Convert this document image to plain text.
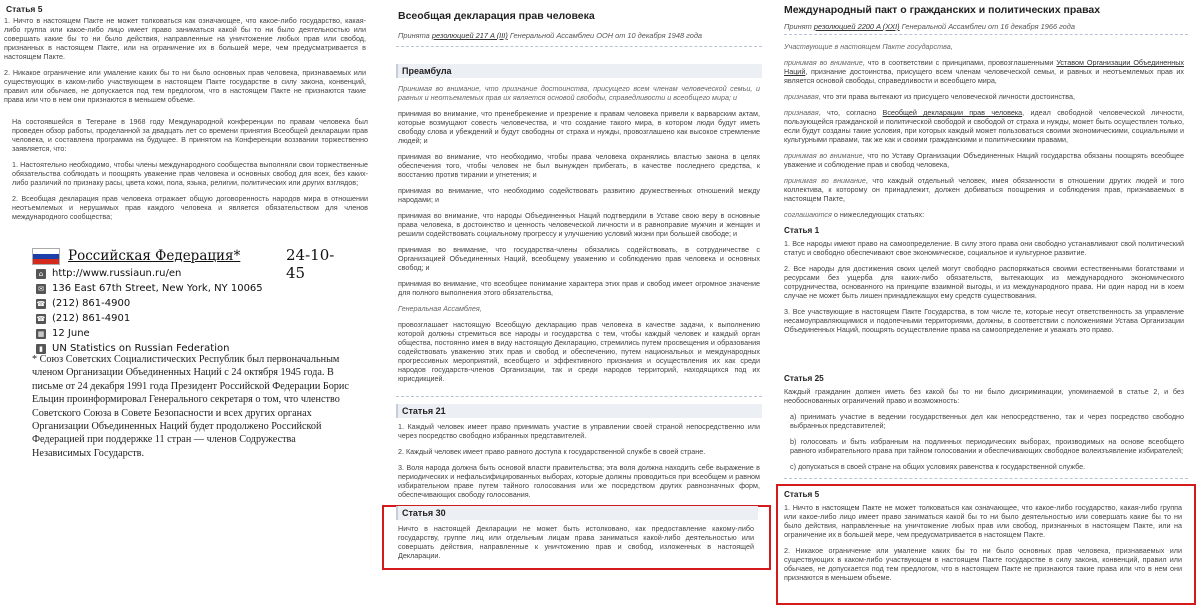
Статья 5

1. Ничто в настоящем Пакте не может толковаться как означающее, что какое-либо государство, какая-либо группа или какое-либо лицо имеет право заниматься какой бы то ни было деятельностью или совершать какие бы то ни было действия, направленные на уничтожение любых прав или свобод, признанных в настоящем Пакте, или на ограничение их в большей мере, чем предусматривается в настоящем Пакте.

2. Никакое ограничение или умаление каких бы то ни было основных прав человека, признаваемых или существующих в каком-либо участвующем в настоящем Пакте государстве в силу закона, конвенций, правил или обычаев, не допускается под тем предлогом, что в настоящем Пакте не признаются такие права или что в нем они признаются в меньшем объеме.

На состоявшейся в Тегеране в 1968 году Международной конференции по правам человека был проведен обзор работы, проделанной за двадцать лет со времени принятия Всеобщей декларации прав человека, и составлена программа на будущее. В принятом на Конференции воззвании торжественно заявляется, что:

1. Настоятельно необходимо, чтобы члены международного сообщества выполняли свои торжественные обязательства соблюдать и поощрять уважение прав человека и основных свобод для всех, без каких-либо различий по признаку расы, цвета кожи, пола, языка, религии, политических или других взглядов;

2. Всеобщая декларация прав человека отражает общую договоренность народов мира в отношении неотъемлемых и нерушимых прав каждого человека и является обязательством для членов международного сообщества;

Российская Федерация*	24-10-45
⌂ http://www.russiaun.ru/en
✉ 136 East 67th Street, New York, NY 10065
☎ (212) 861-4900
☎ (212) 861-4901
▦ 12 June
▮ UN Statistics on Russian Federation
* Союз Советских Социалистических Республик был первоначальным членом Организации Объединенных Наций с 24 октября 1945 года. В письме от 24 декабря 1991 года Президент Российской Федерации Борис Ельцин проинформировал Генерального секретаря о том, что членство Советского Союза в Совете Безопасности и всех других органах Организации Объединенных Наций будет продолжено Российской Федерацией при поддержке 11 стран — членов Содружества Независимых Государств.
Всеобщая декларация прав человека
Принята резолюцией 217 A (III) Генеральной Ассамблеи ООН от 10 декабря 1948 года
Преамбула

Принимая во внимание, что признание достоинства, присущего всем членам человеческой семьи, и равных и неотъемлемых прав их является основой свободы, справедливости и всеобщего мира; и

принимая во внимание, что пренебрежение и презрение к правам человека привели к варварским актам, которые возмущают совесть человечества, и что создание такого мира, в котором люди будут иметь свободу слова и убеждений и будут свободны от страха и нужды, провозглашено как высокое стремление людей; и

принимая во внимание, что необходимо, чтобы права человека охранялись властью закона в целях обеспечения того, чтобы человек не был вынужден прибегать, в качестве последнего средства, к восстанию против тирании и угнетения; и

принимая во внимание, что необходимо содействовать развитию дружественных отношений между народами; и

принимая во внимание, что народы Объединенных Наций подтвердили в Уставе свою веру в основные права человека, в достоинство и ценность человеческой личности и в равноправие мужчин и женщин и решили содействовать социальному прогрессу и улучшению условий жизни при большей свободе; и

принимая во внимание, что государства-члены обязались содействовать, в сотрудничестве с Организацией Объединенных Наций, всеобщему уважению и соблюдению прав человека и основных свобод; и

принимая во внимание, что всеобщее понимание характера этих прав и свобод имеет огромное значение для полного выполнения этого обязательства,

Генеральная Ассамблея,

провозглашает настоящую Всеобщую декларацию прав человека в качестве задачи, к выполнению которой должны стремиться все народы и государства с тем, чтобы каждый человек и каждый орган общества, постоянно имея в виду настоящую Декларацию, стремились путем просвещения и образования содействовать уважению этих прав и свобод и обеспечению, путем национальных и международных прогрессивных мероприятий, всеобщего и эффективного признания и осуществления их как среди народов государств-членов Организации, так и среди народов территорий, находящихся под их юрисдикцией.

Статья 21

1. Каждый человек имеет право принимать участие в управлении своей страной непосредственно или через посредство свободно избранных представителей.

2. Каждый человек имеет право равного доступа к государственной службе в своей стране.

3. Воля народа должна быть основой власти правительства; эта воля должна находить себе выражение в периодических и нефальсифицированных выборах, которые должны проводиться при всеобщем и равном избирательном праве путем тайного голосования или же посредством других равнозначных форм, обеспечивающих свободу голосования.

Статья 30

Ничто в настоящей Декларации не может быть истолковано, как предоставление какому-либо государству, группе лиц или отдельным лицам права заниматься какой-либо деятельностью или совершать действия, направленные к уничтожению прав и свобод, изложенных в настоящей Декларации.

Международный пакт о гражданских и политических правах
Принят резолюцией 2200 A (XXI) Генеральной Ассамблеи от 16 декабря 1966 года

Участвующие в настоящем Пакте государства,

принимая во внимание, что в соответствии с принципами, провозглашенными Уставом Организации Объединенных Наций, признание достоинства, присущего всем членам человеческой семьи, и равных и неотъемлемых прав их является основой свободы, справедливости и всеобщего мира,

признавая, что эти права вытекают из присущего человеческой личности достоинства,

признавая, что, согласно Всеобщей декларации прав человека, идеал свободной человеческой личности, пользующейся гражданской и политической свободой и свободой от страха и нужды, может быть осуществлен только, если будут созданы такие условия, при которых каждый может пользоваться своими экономическими, социальными и культурными правами, так же как и своими гражданскими и политическими правами,

принимая во внимание, что по Уставу Организации Объединенных Наций государства обязаны поощрять всеобщее уважение и соблюдение прав и свобод человека,

принимая во внимание, что каждый отдельный человек, имея обязанности в отношении других людей и того коллектива, к которому он принадлежит, должен добиваться поощрения и соблюдения прав, признаваемых в настоящем Пакте,

соглашаются о нижеследующих статьях:

Статья 1

1. Все народы имеют право на самоопределение. В силу этого права они свободно устанавливают свой политический статус и свободно обеспечивают свое экономическое, социальное и культурное развитие.

2. Все народы для достижения своих целей могут свободно распоряжаться своими естественными богатствами и ресурсами без ущерба для каких-либо обязательств, вытекающих из международного экономического сотрудничества, основанного на принципе взаимной выгоды, и из международного права. Ни один народ ни в коем случае не может быть лишен принадлежащих ему средств существования.

3. Все участвующие в настоящем Пакте Государства, в том числе те, которые несут ответственность за управление несамоуправляющимися и подопечными территориями, должны, в соответствии с положениями Устава Организации Объединенных Наций, поощрять осуществление права на самоопределение и уважать это право.

Статья 25

Каждый гражданин должен иметь без какой бы то ни было дискриминации, упоминаемой в статье 2, и без необоснованных ограничений право и возможность:

а) принимать участие в ведении государственных дел как непосредственно, так и через посредство свободно выбранных представителей;

b) голосовать и быть избранным на подлинных периодических выборах, производимых на основе всеобщего равного избирательного права при тайном голосовании и обеспечивающих свободное волеизъявление избирателей;

c) допускаться в своей стране на общих условиях равенства к государственной службе.

Статья 5

1. Ничто в настоящем Пакте не может толковаться как означающее, что какое-либо государство, какая-либо группа или какое-либо лицо имеет право заниматься какой бы то ни было деятельностью или совершать какие бы то ни было действия, направленные на уничтожение любых прав или свобод, признанных в настоящем Пакте, или на ограничение их в большей мере, чем предусматривается в настоящем Пакте.

2. Никакое ограничение или умаление каких бы то ни было основных прав человека, признаваемых или существующих в каком-либо участвующем в настоящем Пакте государстве в силу закона, конвенций, правил или обычаев, не допускается под тем предлогом, что в настоящем Пакте не признаются такие права или что в нем они признаются в меньшем объеме.
